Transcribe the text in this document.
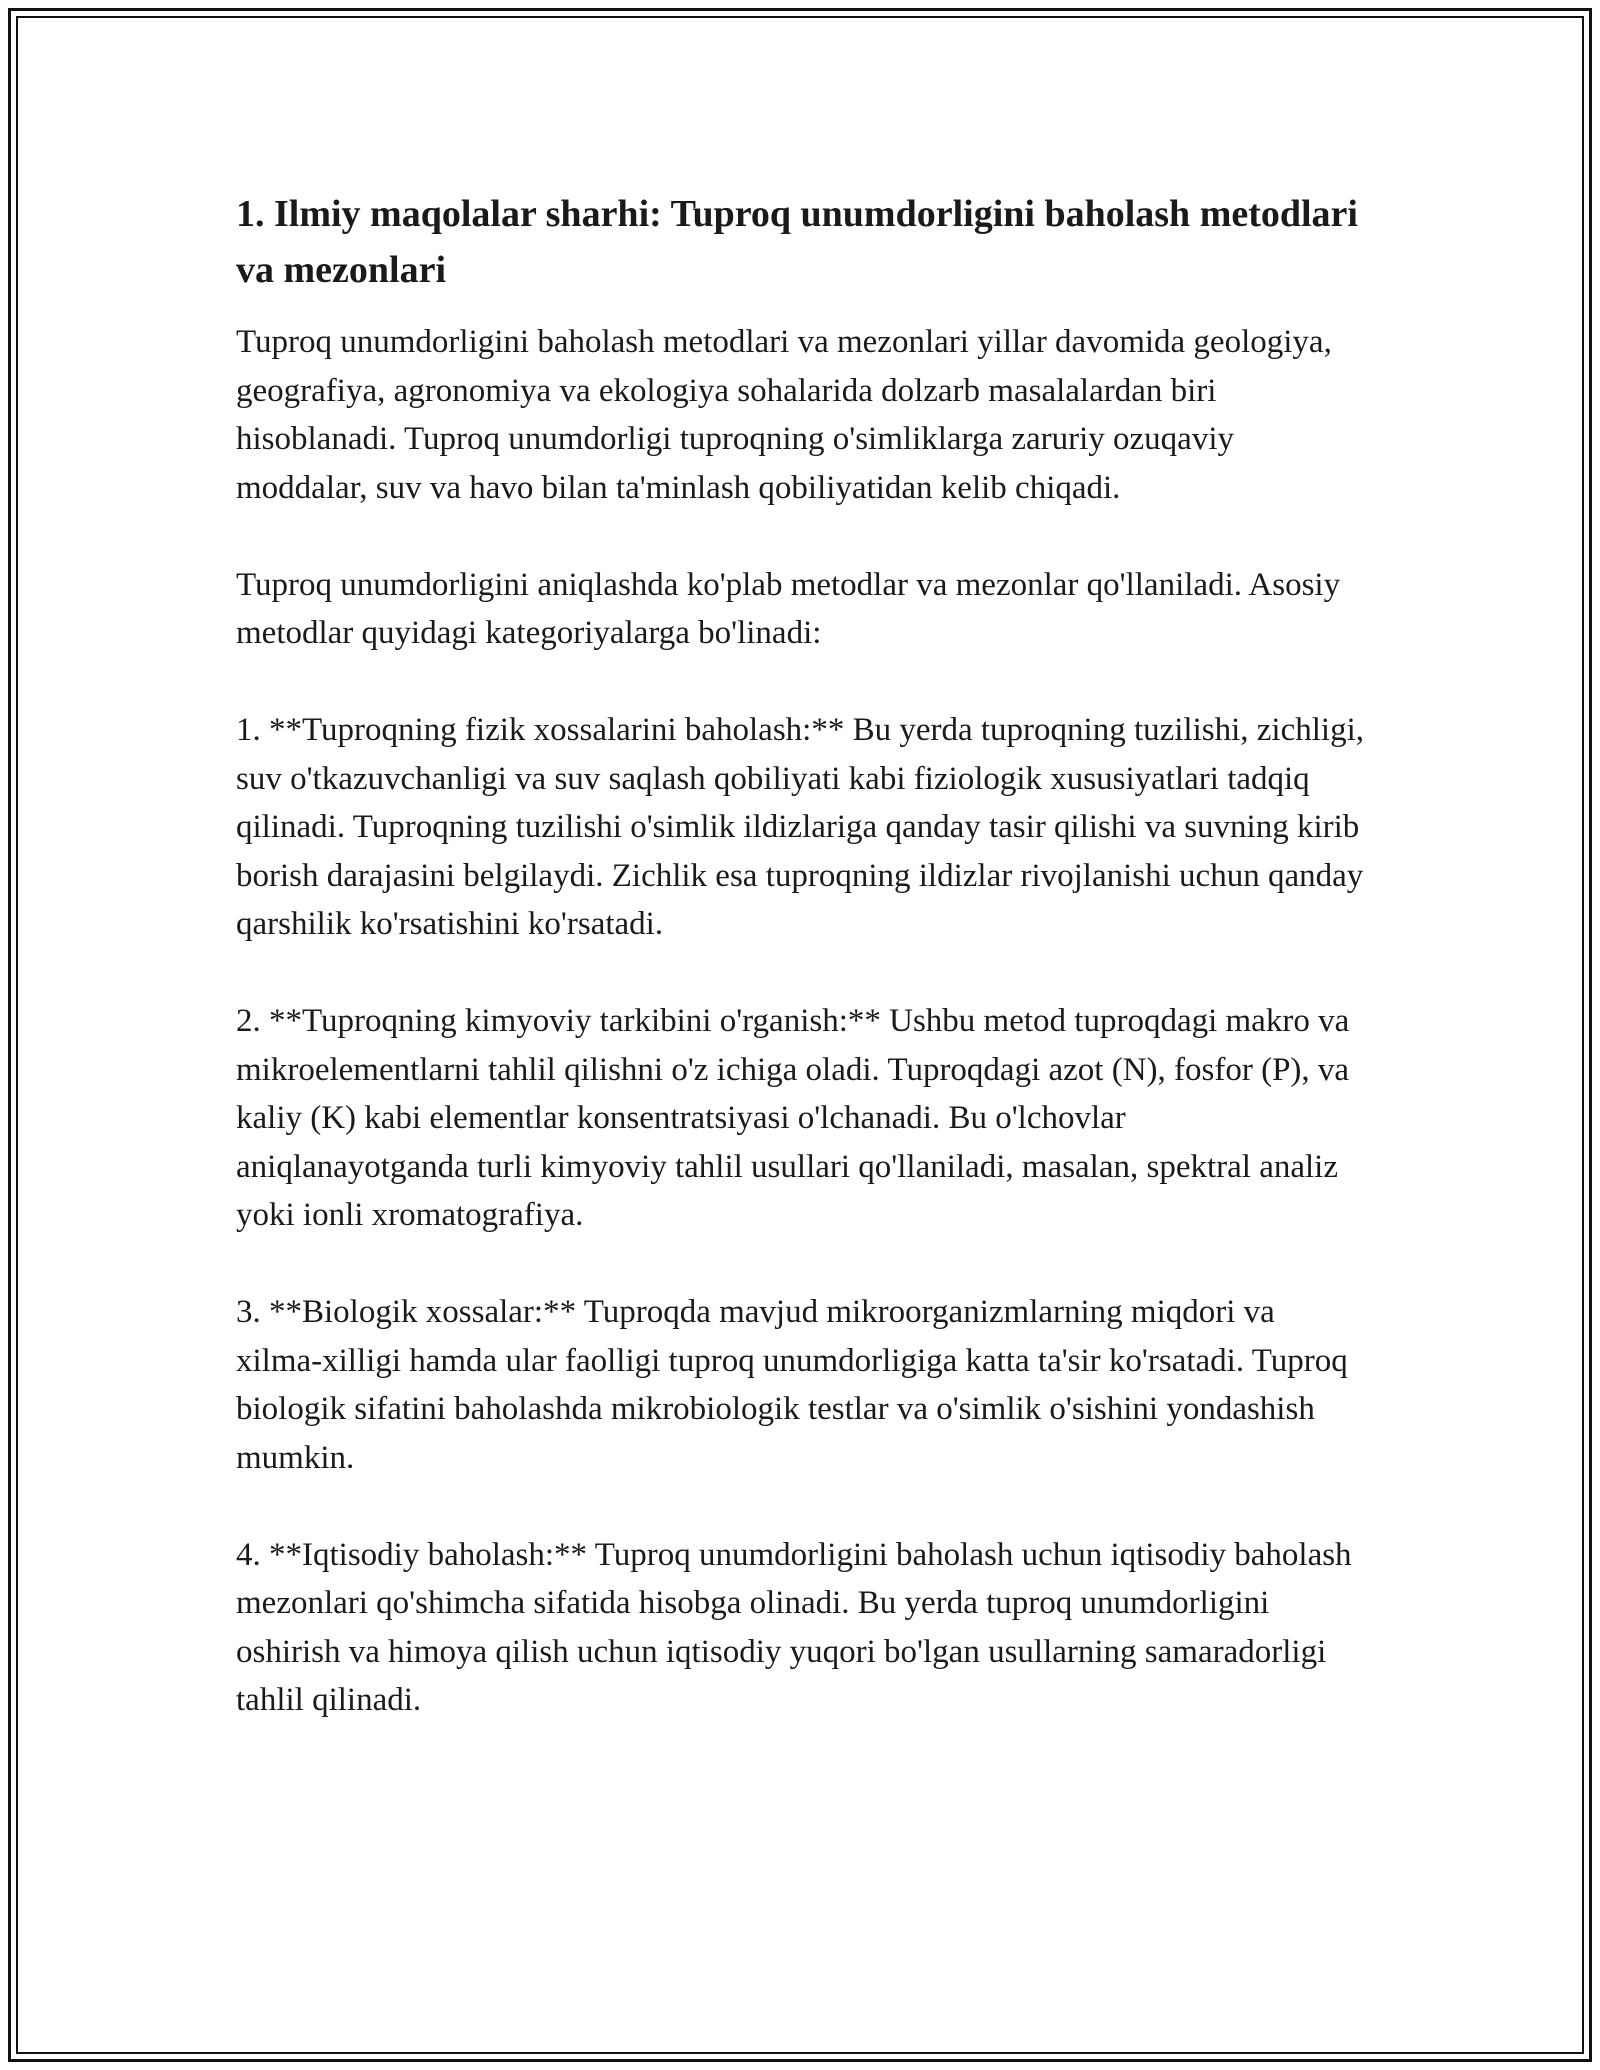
1. Ilmiy maqolalar sharhi: Tuproq unumdorligini baholash metodlari va mezonlari

Tuproq unumdorligini baholash metodlari va mezonlari yillar davomida geologiya, geografiya, agronomiya va ekologiya sohalarida dolzarb masalalardan biri hisoblanadi. Tuproq unumdorligi tuproqning o'simliklarga zaruriy ozuqaviy moddalar, suv va havo bilan ta'minlash qobiliyatidan kelib chiqadi.

Tuproq unumdorligini aniqlashda ko'plab metodlar va mezonlar qo'llaniladi. Asosiy metodlar quyidagi kategoriyalarga bo'linadi:

1. **Tuproqning fizik xossalarini baholash:** Bu yerda tuproqning tuzilishi, zichligi, suv o'tkazuvchanligi va suv saqlash qobiliyati kabi fiziologik xususiyatlari tadqiq qilinadi. Tuproqning tuzilishi o'simlik ildizlariga qanday tasir qilishi va suvning kirib borish darajasini belgilaydi. Zichlik esa tuproqning ildizlar rivojlanishi uchun qanday qarshilik ko'rsatishini ko'rsatadi.

2. **Tuproqning kimyoviy tarkibini o'rganish:** Ushbu metod tuproqdagi makro va mikroelementlarni tahlil qilishni o'z ichiga oladi. Tuproqdagi azot (N), fosfor (P), va kaliy (K) kabi elementlar konsentratsiyasi o'lchanadi. Bu o'lchovlar aniqlanayotganda turli kimyoviy tahlil usullari qo'llaniladi, masalan, spektral analiz yoki ionli xromatografiya.

3. **Biologik xossalar:** Tuproqda mavjud mikroorganizmlarning miqdori va xilma-xilligi hamda ular faolligi tuproq unumdorligiga katta ta'sir ko'rsatadi. Tuproq biologik sifatini baholashda mikrobiologik testlar va o'simlik o'sishini yondashish mumkin.

4. **Iqtisodiy baholash:** Tuproq unumdorligini baholash uchun iqtisodiy baholash mezonlari qo'shimcha sifatida hisobga olinadi. Bu yerda tuproq unumdorligini oshirish va himoya qilish uchun iqtisodiy yuqori bo'lgan usullarning samaradorligi tahlil qilinadi.
